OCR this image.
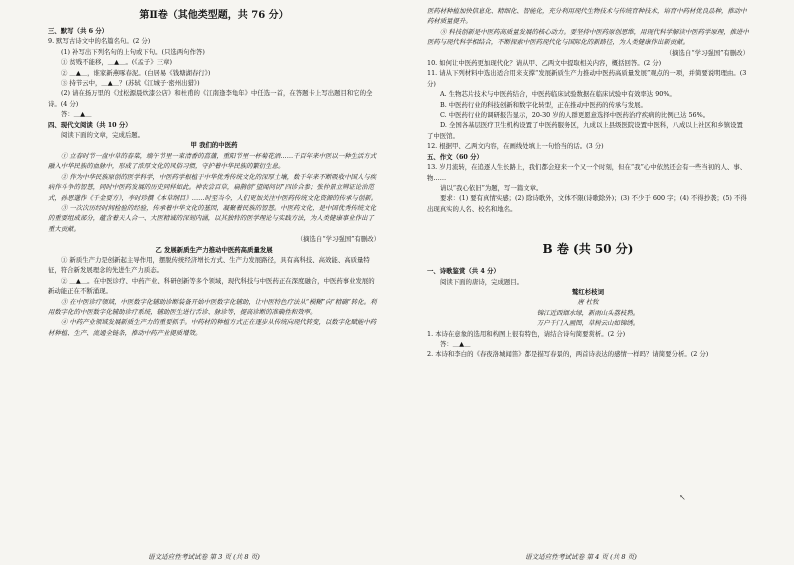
第Ⅱ卷（其他类型题，共 76 分）

三、默写（共 6 分）

9. 默写古诗文中的名篇名句。(2 分)

(1) 补写出下列名句的上句或下句。(只选两句作答)

① 贫贱不能移，＿▲＿。(《孟子》三章)

② ＿▲＿，谁家新燕啄春泥。(白居易《钱塘湖春行》)

③ 持节云中，＿▲＿？(苏轼《江城子·密州出猎》)

(2) 请在扬万里的《过松源晨炊漆公店》和杜甫的《江南逢李龟年》中任选一首，在答题卡上写出题目和它的全诗。(4 分)

答：＿▲＿

四、现代文阅读（共 10 分）

阅读下面的文章，完成后题。

甲 我们的中医药

① 立春时节一盘中草的春菜，端午节里一束清香的菖蒲，重阳节里一杯菊花酒……千百年来中医以一种生活方式融入中华民族的血脉中，形成了浓厚文化的风俗习惯，守护着中华民族的繁衍生息。

② 作为中华民族原创的医学科学，中医药学根植于中华优秀传统文化的深厚土壤，数千年来不断吸收中国人与疾病作斗争的智慧，同时中医药发展的历史同样如此。神农尝百草，扁鹊创“望闻问切”四诊合参；张仲景立辨证论治范式，孙思邈作《千金要方》，李时珍撰《本草纲目》……时至当今，人们更加关注中医药传统文化资源的传承与创新。

③ 一次次历经时间检验的经验，传承着中华文化的基因，凝聚着民族的智慧。中医药文化，是中国优秀传统文化的重要组成部分，蕴含着天人合一、大医精诚的深刻内涵，以其独特的医学理论与实践方法，为人类健康事业作出了重大贡献。

（摘选自“学习强国”有删改）

乙 发展新质生产力推动中医药高质量发展

① 新质生产力是创新起主导作用，摆脱传统经济增长方式、生产力发展路径，具有高科技、高效能、高质量特征，符合新发展理念的先进生产力质态。

② ＿▲＿。在中医诊疗、中药产业、科研创新等多个领域，现代科技与中医药正在深度融合，中医药事业发展的新动能正在不断涌现。

③ 在中医诊疗领域，中医数字化辅助诊断装备开始中医数字化辅助，让中医特色疗法从“模糊”向“精确”转化。利用数字化的中医数字化辅助诊疗系统，辅助医生进行舌诊、脉诊等，提高诊断的准确性和效率。

④ 中药产业领域发展新质生产力的重要抓手。中药材的种植方式正在逐步从传统向现代转变，以数字化赋能中药材种植、生产、流通全链条，推动中药产业提质增效。

语文适应性考试试卷 第 3 页 (共 8 页)

医药材种植加快信息化、精细化、智能化，充分利用现代生物技术与传统育种技术，培育中药材优良品种，推动中药材质量提升。

⑤ 科技创新是中医药高质量发展的核心动力。要坚持中医药原创思维，用现代科学解读中医药学原理，推进中医药与现代科学相结合，不断探索中医药现代化与国际化的新路径，为人类健康作出新贡献。

（摘选自“学习强国”有删改）

10. 如何让中医药更加现代化？请从甲、乙两文中提取相关内容，概括回答。(2 分)

11. 请从下列材料中选出适合用来支撑“发展新质生产力推动中医药高质量发展”观点的一项，并简要说明理由。(3 分)

A. 生物芯片技术与中医药结合，中医药临床试验数据在临床试验中有效率达 90%。

B. 中医药行业的科技创新和数字化转型，正在推动中医药的传承与发展。

C. 中医药行业的调研报告显示，20-30 岁的人群更愿意选择中医药治疗疾病的比例已达 56%。

D. 全国各基层医疗卫生机构设置了中医药服务区，九成以上县级医院设置中医科，八成以上社区和乡镇设置了中医馆。

12. 根据甲、乙两文内容，在画线处填上一句恰当的话。(3 分)

五、作文（60 分）

13. 岁月流转，在追逐人生长路上，我们都会迎来一个又一个时刻，但在“我”心中依然还会有一些当初的人、事、物……

请以“我心依旧”为题，写一篇文章。

要求：(1) 要有真情实感；(2) 除诗歌外，文体不限(诗歌除外)；(3) 不少于 600 字；(4) 不得抄袭；(5) 不得出现真实的人名、校名和地名。

B 卷 (共 50 分)

一、诗歌鉴赏（共 4 分）

阅读下面的唐诗，完成题目。

鹫红杉枝词

唐 杜牧

锦江近西烟水绿，新雨山头荔枝熟。

万户千门入画图，草树云山如锦绣。

1. 本诗在意象的选用和构图上很有特色，请结合诗句简要赏析。(2 分)

答：＿▲＿

2. 本诗和李白的《春夜洛城闻笛》都是描写春景的，两首诗表达的感情一样吗？请简要分析。(2 分)

语文适应性考试试卷 第 4 页 (共 8 页)
↖
